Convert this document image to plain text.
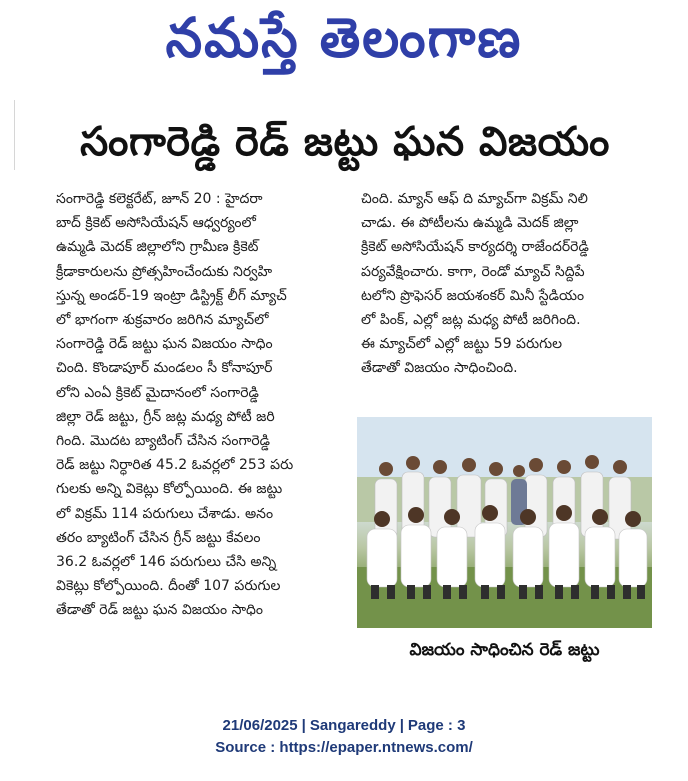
నమస్తే తెలంగాణ
సంగారెడ్డి రెడ్ జట్టు ఘన విజయం
సంగారెడ్డి కలెక్టరేట్, జూన్ 20 : హైదరా
బాద్ క్రికెట్ అసోసియేషన్ ఆధ్వర్యంలో
ఉమ్మడి మెదక్ జిల్లాలోని గ్రామీణ క్రికెట్
క్రీడాకారులను ప్రోత్సహించేందుకు నిర్వహి
స్తున్న అండర్-19 ఇంట్రా డిస్ట్రిక్ట్ లీగ్ మ్యాచ్
లో భాగంగా శుక్రవారం జరిగిన మ్యాచ్‌లో
సంగారెడ్డి రెడ్ జట్టు ఘన విజయం సాధిం
చింది. కొండాపూర్ మండలం సీ కోనాపూర్
లోని ఎంఏ క్రికెట్ మైదానంలో సంగారెడ్డి
జిల్లా రెడ్ జట్టు, గ్రీన్ జట్ల మధ్య పోటీ జరి
గింది. మొదట బ్యాటింగ్ చేసిన సంగారెడ్డి
రెడ్ జట్టు నిర్ధారిత 45.2 ఓవర్లలో 253 పరు
గులకు అన్ని వికెట్లు కోల్పోయింది. ఈ జట్టు
లో విక్రమ్ 114 పరుగులు చేశాడు. అనం
తరం బ్యాటింగ్ చేసిన గ్రీన్ జట్టు కేవలం
36.2 ఓవర్లలో 146 పరుగులు చేసి అన్ని
వికెట్లు కోల్పోయింది. దీంతో 107 పరుగుల
తేడాతో రెడ్ జట్టు ఘన విజయం సాధిం
చింది. మ్యాన్ ఆఫ్ ది మ్యాచ్‌గా విక్రమ్ నిలి
చాడు. ఈ పోటీలను ఉమ్మడి మెదక్ జిల్లా
క్రికెట్ అసోసియేషన్ కార్యదర్శి రాజేందర్‌రెడ్డి
పర్యవేక్షించారు. కాగా, రెండో మ్యాచ్ సిద్దిపే
టలోని ప్రొఫెసర్ జయశంకర్ మినీ స్టేడియం
లో పింక్, ఎల్లో జట్ల మధ్య పోటీ జరిగింది.
ఈ మ్యాచ్‌లో ఎల్లో జట్టు 59 పరుగుల
తేడాతో విజయం సాధించింది.
విజయం సాధించిన రెడ్ జట్టు
21/06/2025 | Sangareddy | Page : 3
Source : https://epaper.ntnews.com/
